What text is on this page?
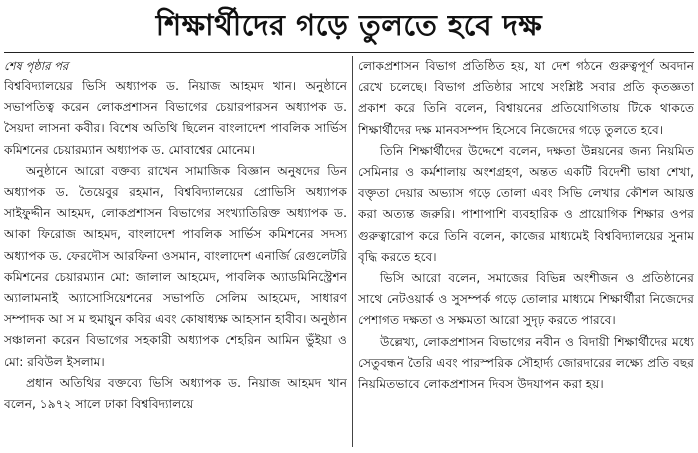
শিক্ষার্থীদের গড়ে তুলতে হবে দক্ষ
শেষ পৃষ্ঠার পর

বিশ্ববিদ্যালয়ের ভিসি অধ্যাপক ড. নিয়াজ আহমদ খান। অনুষ্ঠানে সভাপতিত্ব করেন লোকপ্রশাসন বিভাগের চেয়ারপারসন অধ্যাপক ড. সৈয়দা লাসনা কবীর। বিশেষ অতিথি ছিলেন বাংলাদেশ পাবলিক সার্ভিস কমিশনের চেয়ারম্যান অধ্যাপক ড. মোবাশ্বের মোনেম।

অনুষ্ঠানে আরো বক্তব্য রাখেন সামাজিক বিজ্ঞান অনুষদের ডিন অধ্যাপক ড. তৈয়েবুর রহমান, বিশ্ববিদ্যালয়ের প্রোভিসি অধ্যাপক সাইফুদ্দীন আহমদ, লোকপ্রশাসন বিভাগের সংখ্যাতিরিক্ত অধ্যাপক ড. আকা ফিরোজ আহমদ, বাংলাদেশ পাবলিক সার্ভিস কমিশনের সদস্য অধ্যাপক ড. ফেরদৌস আরফিনা ওসমান, বাংলাদেশ এনার্জি রেগুলেটরি কমিশনের চেয়ারম্যান মো: জালাল আহমেদ, পাবলিক অ্যাডমিনিস্ট্রেশন অ্যালামনাই অ্যাসোসিয়েশনের সভাপতি সেলিম আহমেদ, সাধারণ সম্পাদক আ স ম হুমায়ুন কবির এবং কোষাধ্যক্ষ আহসান হাবীব। অনুষ্ঠান সঞ্চালনা করেন বিভাগের সহকারী অধ্যাপক শেহরিন আমিন ভুঁইয়া ও মো: রবিউল ইসলাম।

প্রধান অতিথির বক্তব্যে ভিসি অধ্যাপক ড. নিয়াজ আহমদ খান বলেন, ১৯৭২ সালে ঢাকা বিশ্ববিদ্যালয়ে

লোকপ্রশাসন বিভাগ প্রতিষ্ঠিত হয়, যা দেশ গঠনে গুরুত্বপূর্ণ অবদান রেখে চলেছে। বিভাগ প্রতিষ্ঠার সাথে সংশ্লিষ্ট সবার প্রতি কৃতজ্ঞতা প্রকাশ করে তিনি বলেন, বিশ্বায়নের প্রতিযোগিতায় টিকে থাকতে শিক্ষার্থীদের দক্ষ মানবসম্পদ হিসেবে নিজেদের গড়ে তুলতে হবে।

তিনি শিক্ষার্থীদের উদ্দেশে বলেন, দক্ষতা উন্নয়নের জন্য নিয়মিত সেমিনার ও কর্মশালায় অংশগ্রহণ, অন্তত একটি বিদেশী ভাষা শেখা, বক্তৃতা দেয়ার অভ্যাস গড়ে তোলা এবং সিভি লেখার কৌশল আয়ত্ত করা অত্যন্ত জরুরি। পাশাপাশি ব্যবহারিক ও প্রায়োগিক শিক্ষার ওপর গুরুত্বারোপ করে তিনি বলেন, কাজের মাধ্যমেই বিশ্ববিদ্যালয়ের সুনাম বৃদ্ধি করতে হবে।

ভিসি আরো বলেন, সমাজের বিভিন্ন অংশীজন ও প্রতিষ্ঠানের সাথে নেটওয়ার্ক ও সুসম্পর্ক গড়ে তোলার মাধ্যমে শিক্ষার্থীরা নিজেদের পেশাগত দক্ষতা ও সক্ষমতা আরো সুদৃঢ় করতে পারবে।

উল্লেখ্য, লোকপ্রশাসন বিভাগের নবীন ও বিদায়ী শিক্ষার্থীদের মধ্যে সেতুবন্ধন তৈরি এবং পারস্পরিক সৌহার্দ্য জোরদারের লক্ষ্যে প্রতি বছর নিয়মিতভাবে লোকপ্রশাসন দিবস উদযাপন করা হয়।
